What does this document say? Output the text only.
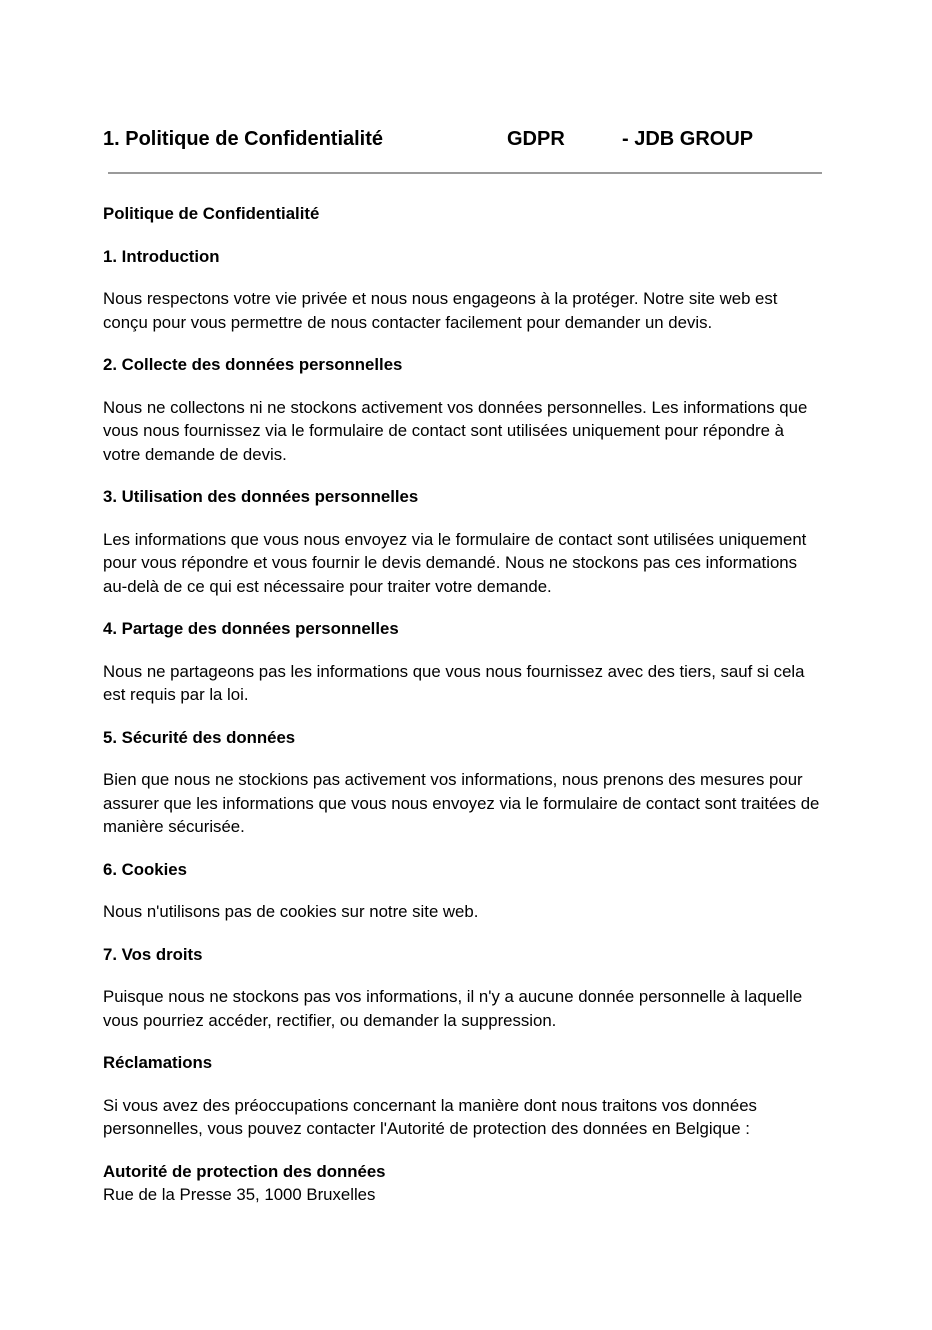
1. Politique de Confidentialité	GDPR	- JDB GROUP
Politique de Confidentialité
1. Introduction

Nous respectons votre vie privée et nous nous engageons à la protéger. Notre site web est conçu pour vous permettre de nous contacter facilement pour demander un devis.

2. Collecte des données personnelles

Nous ne collectons ni ne stockons activement vos données personnelles. Les informations que vous nous fournissez via le formulaire de contact sont utilisées uniquement pour répondre à votre demande de devis.

3. Utilisation des données personnelles

Les informations que vous nous envoyez via le formulaire de contact sont utilisées uniquement pour vous répondre et vous fournir le devis demandé. Nous ne stockons pas ces informations au-delà de ce qui est nécessaire pour traiter votre demande.

4. Partage des données personnelles

Nous ne partageons pas les informations que vous nous fournissez avec des tiers, sauf si cela est requis par la loi.

5. Sécurité des données

Bien que nous ne stockions pas activement vos informations, nous prenons des mesures pour assurer que les informations que vous nous envoyez via le formulaire de contact sont traitées de manière sécurisée.

6. Cookies

Nous n'utilisons pas de cookies sur notre site web.

7. Vos droits

Puisque nous ne stockons pas vos informations, il n'y a aucune donnée personnelle à laquelle vous pourriez accéder, rectifier, ou demander la suppression.

Réclamations

Si vous avez des préoccupations concernant la manière dont nous traitons vos données personnelles, vous pouvez contacter l'Autorité de protection des données en Belgique :

Autorité de protection des données
Rue de la Presse 35, 1000 Bruxelles
